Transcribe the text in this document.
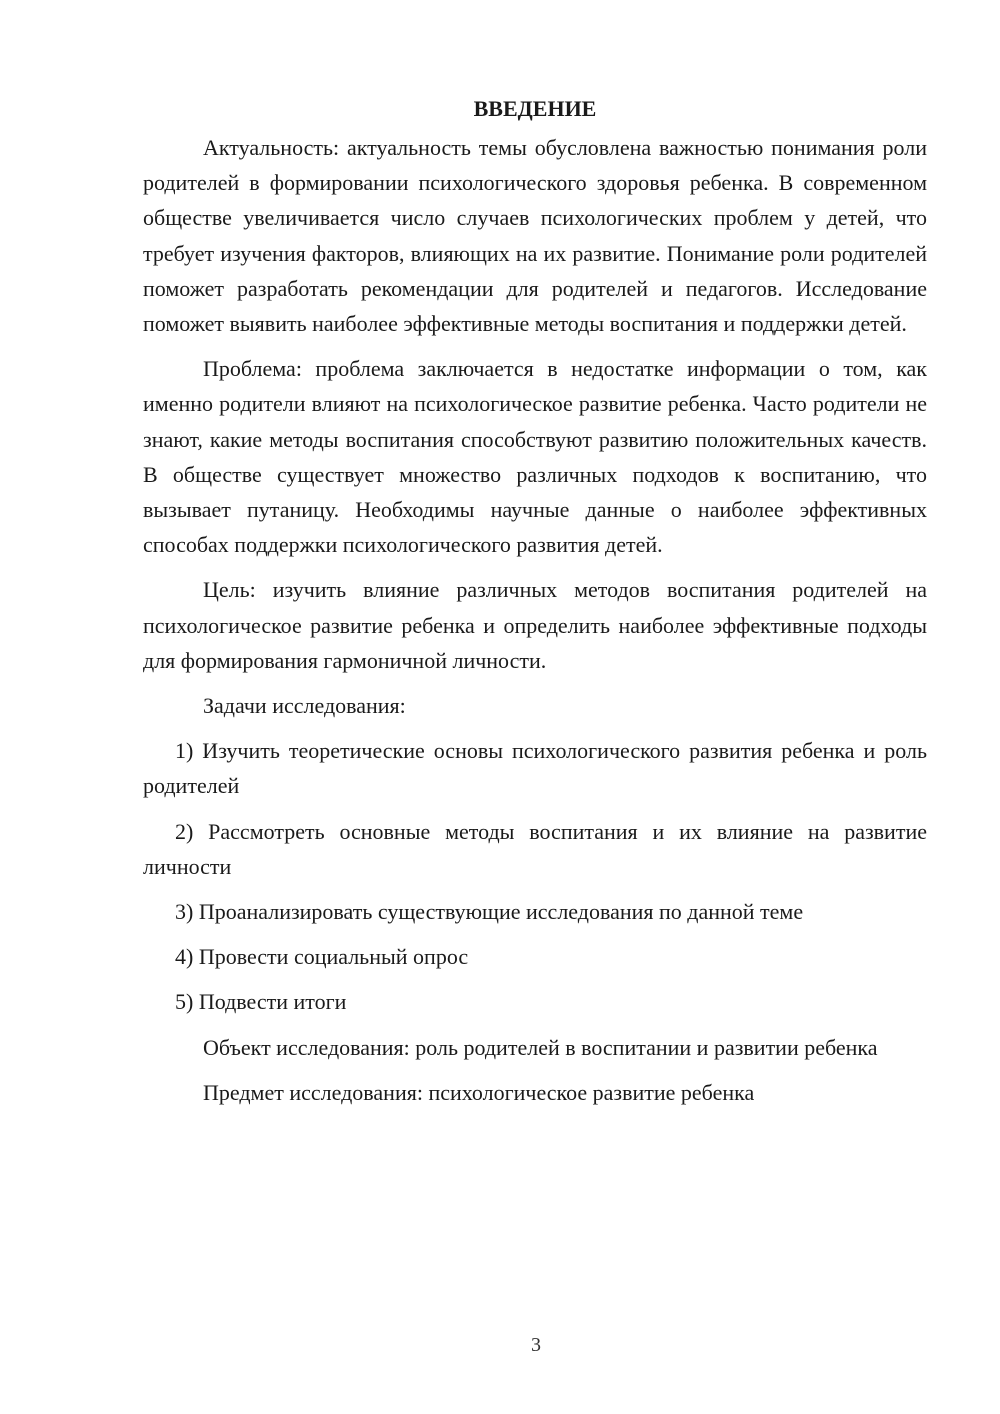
ВВЕДЕНИЕ

Актуальность: актуальность темы обусловлена важностью понимания роли родителей в формировании психологического здоровья ребенка. В современном обществе увеличивается число случаев психологических проблем у детей, что требует изучения факторов, влияющих на их развитие. Понимание роли родителей поможет разработать рекомендации для родителей и педагогов. Исследование поможет выявить наиболее эффективные методы воспитания и поддержки детей.

Проблема: проблема заключается в недостатке информации о том, как именно родители влияют на психологическое развитие ребенка. Часто родители не знают, какие методы воспитания способствуют развитию положительных качеств. В обществе существует множество различных подходов к воспитанию, что вызывает путаницу. Необходимы научные данные о наиболее эффективных способах поддержки психологического развития детей.

Цель: изучить влияние различных методов воспитания родителей на психологическое развитие ребенка и определить наиболее эффективные подходы для формирования гармоничной личности.

Задачи исследования:

1) Изучить теоретические основы психологического развития ребенка и роль родителей

2) Рассмотреть основные методы воспитания и их влияние на развитие личности

3) Проанализировать существующие исследования по данной теме

4) Провести социальный опрос

5) Подвести итоги

Объект исследования: роль родителей в воспитании и развитии ребенка

Предмет исследования: психологическое развитие ребенка

3
